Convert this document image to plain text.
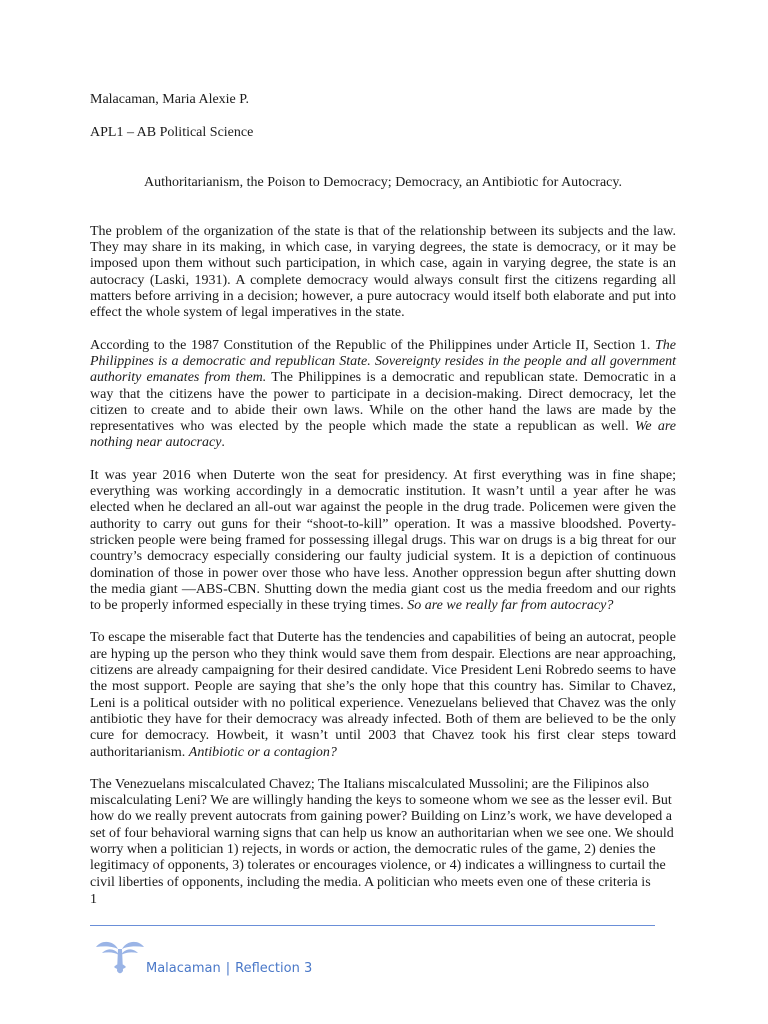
Malacaman, Maria Alexie P.

APL1 – AB Political Science

Authoritarianism, the Poison to Democracy; Democracy, an Antibiotic for Autocracy.

The problem of the organization of the state is that of the relationship between its subjects and the law. They may share in its making, in which case, in varying degrees, the state is democracy, or it may be imposed upon them without such participation, in which case, again in varying degree, the state is an autocracy (Laski, 1931). A complete democracy would always consult first the citizens regarding all matters before arriving in a decision; however, a pure autocracy would itself both elaborate and put into effect the whole system of legal imperatives in the state.

According to the 1987 Constitution of the Republic of the Philippines under Article II, Section 1. The Philippines is a democratic and republican State. Sovereignty resides in the people and all government authority emanates from them. The Philippines is a democratic and republican state. Democratic in a way that the citizens have the power to participate in a decision-making. Direct democracy, let the citizen to create and to abide their own laws. While on the other hand the laws are made by the representatives who was elected by the people which made the state a republican as well. We are nothing near autocracy.

It was year 2016 when Duterte won the seat for presidency. At first everything was in fine shape; everything was working accordingly in a democratic institution. It wasn’t until a year after he was elected when he declared an all-out war against the people in the drug trade. Policemen were given the authority to carry out guns for their “shoot-to-kill” operation. It was a massive bloodshed. Poverty-stricken people were being framed for possessing illegal drugs. This war on drugs is a big threat for our country’s democracy especially considering our faulty judicial system. It is a depiction of continuous domination of those in power over those who have less. Another oppression begun after shutting down the media giant —ABS-CBN. Shutting down the media giant cost us the media freedom and our rights to be properly informed especially in these trying times. So are we really far from autocracy?

To escape the miserable fact that Duterte has the tendencies and capabilities of being an autocrat, people are hyping up the person who they think would save them from despair. Elections are near approaching, citizens are already campaigning for their desired candidate. Vice President Leni Robredo seems to have the most support. People are saying that she’s the only hope that this country has. Similar to Chavez, Leni is a political outsider with no political experience. Venezuelans believed that Chavez was the only antibiotic they have for their democracy was already infected. Both of them are believed to be the only cure for democracy. Howbeit, it wasn’t until 2003 that Chavez took his first clear steps toward authoritarianism. Antibiotic or a contagion?

The Venezuelans miscalculated Chavez; The Italians miscalculated Mussolini; are the Filipinos also miscalculating Leni? We are willingly handing the keys to someone whom we see as the lesser evil. But how do we really prevent autocrats from gaining power? Building on Linz’s work, we have developed a set of four behavioral warning signs that can help us know an authoritarian when we see one. We should worry when a politician 1) rejects, in words or action, the democratic rules of the game, 2) denies the legitimacy of opponents, 3) tolerates or encourages violence, or 4) indicates a willingness to curtail the civil liberties of opponents, including the media. A politician who meets even one of these criteria is

1
Malacaman | Reflection 3
